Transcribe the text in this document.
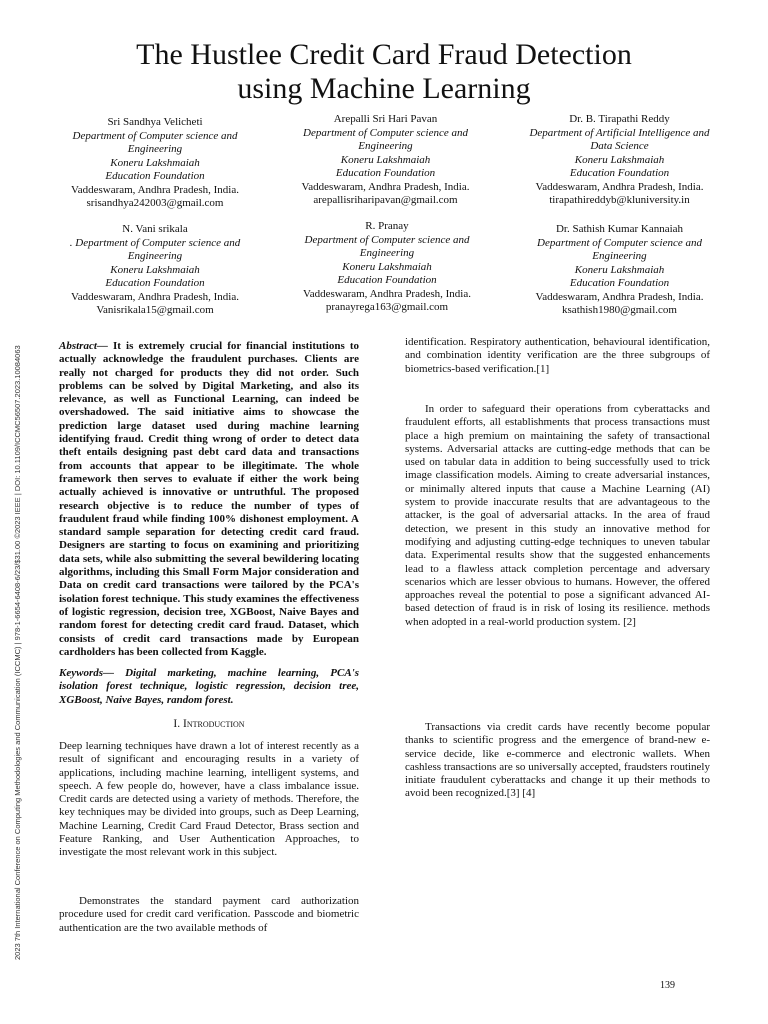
The Hustlee Credit Card Fraud Detection
using Machine Learning
Sri Sandhya Velicheti
Department of Computer science and Engineering
Koneru Lakshmaiah
Education Foundation
Vaddeswaram, Andhra Pradesh, India.
srisandhya242003@gmail.com
Arepalli Sri Hari Pavan
Department of Computer science and Engineering
Koneru Lakshmaiah
Education Foundation
Vaddeswaram, Andhra Pradesh, India.
arepallisriharipavan@gmail.com
Dr. B. Tirapathi Reddy
Department of Artificial Intelligence and Data Science
Koneru Lakshmaiah
Education Foundation
Vaddeswaram, Andhra Pradesh, India.
tirapathireddyb@kluniversity.in
N. Vani srikala
. Department of Computer science and Engineering
Koneru Lakshmaiah
Education Foundation
Vaddeswaram, Andhra Pradesh, India.
Vanisrikala15@gmail.com
R. Pranay
Department of Computer science and Engineering
Koneru Lakshmaiah
Education Foundation
Vaddeswaram, Andhra Pradesh, India.
pranayrega163@gmail.com
Dr. Sathish Kumar Kannaiah
Department of Computer science and Engineering
Koneru Lakshmaiah
Education Foundation
Vaddeswaram, Andhra Pradesh, India.
ksathish1980@gmail.com
2023 7th International Conference on Computing Methodologies and Communication (ICCMC) | 978-1-6654-6408-6/23/$31.00 ©2023 IEEE | DOI: 10.1109/ICCMC56507.2023.10084063	Abstract— It is extremely crucial for financial institutions to actually acknowledge the fraudulent purchases. Clients are really not charged for products they did not order. Such problems can be solved by Digital Marketing, and also its relevance, as well as Functional Learning, can indeed be overshadowed. The said initiative aims to showcase the prediction large dataset used during machine learning identifying fraud. Credit thing wrong of order to detect data theft entails designing past debt card data and transactions from accounts that appear to be illegitimate. The whole framework then serves to evaluate if either the work being actually achieved is innovative or untruthful. The proposed research objective is to reduce the number of types of fraudulent fraud while finding 100% dishonest employment. A standard sample separation for detecting credit card fraud. Designers are starting to focus on examining and prioritizing data sets, while also submitting the several bewildering locating algorithms, including this Small Form Major consideration and Data on credit card transactions were tailored by the PCA's isolation forest technique. This study examines the effectiveness of logistic regression, decision tree, XGBoost, Naive Bayes and random forest for detecting credit card fraud. Dataset, which consists of credit card transactions made by European cardholders has been collected from Kaggle.
Keywords— Digital marketing, machine learning, PCA's isolation forest technique, logistic regression, decision tree, XGBoost, Naive Bayes, random forest.
I. Introduction
Deep learning techniques have drawn a lot of interest recently as a result of significant and encouraging results in a variety of applications, including machine learning, intelligent systems, and speech. A few people do, however, have a class imbalance issue. Credit cards are detected using a variety of methods. Therefore, the key techniques may be divided into groups, such as Deep Learning, Machine Learning, Credit Card Fraud Detector, Brass section and Feature Ranking, and User Authentication Approaches, to investigate the most relevant work in this subject.
Demonstrates the standard payment card authorization procedure used for credit card verification. Passcode and biometric authentication are the two available methods of
identification. Respiratory authentication, behavioural identification, and combination identity verification are the three subgroups of biometrics-based verification.[1]
In order to safeguard their operations from cyberattacks and fraudulent efforts, all establishments that process transactions must place a high premium on maintaining the safety of transactional systems. Adversarial attacks are cutting-edge methods that can be used on tabular data in addition to being successfully used to trick image classification models. Aiming to create adversarial instances, or minimally altered inputs that cause a Machine Learning (AI) system to provide inaccurate results that are advantageous to the attacker, is the goal of adversarial attacks. In the area of fraud detection, we present in this study an innovative method for modifying and adjusting cutting-edge techniques to uneven tabular data. Experimental results show that the suggested enhancements lead to a flawless attack completion percentage and adversary scenarios which are lesser obvious to humans. However, the offered approaches reveal the potential to pose a significant advanced AI-based detection of fraud is in risk of losing its resilience. methods when adopted in a real-world production system. [2]
Transactions via credit cards have recently become popular thanks to scientific progress and the emergence of brand-new e-service decide, like e-commerce and electronic wallets. When cashless transactions are so universally accepted, fraudsters routinely initiate fraudulent cyberattacks and change it up their methods to avoid been recognized.[3] [4]
139
